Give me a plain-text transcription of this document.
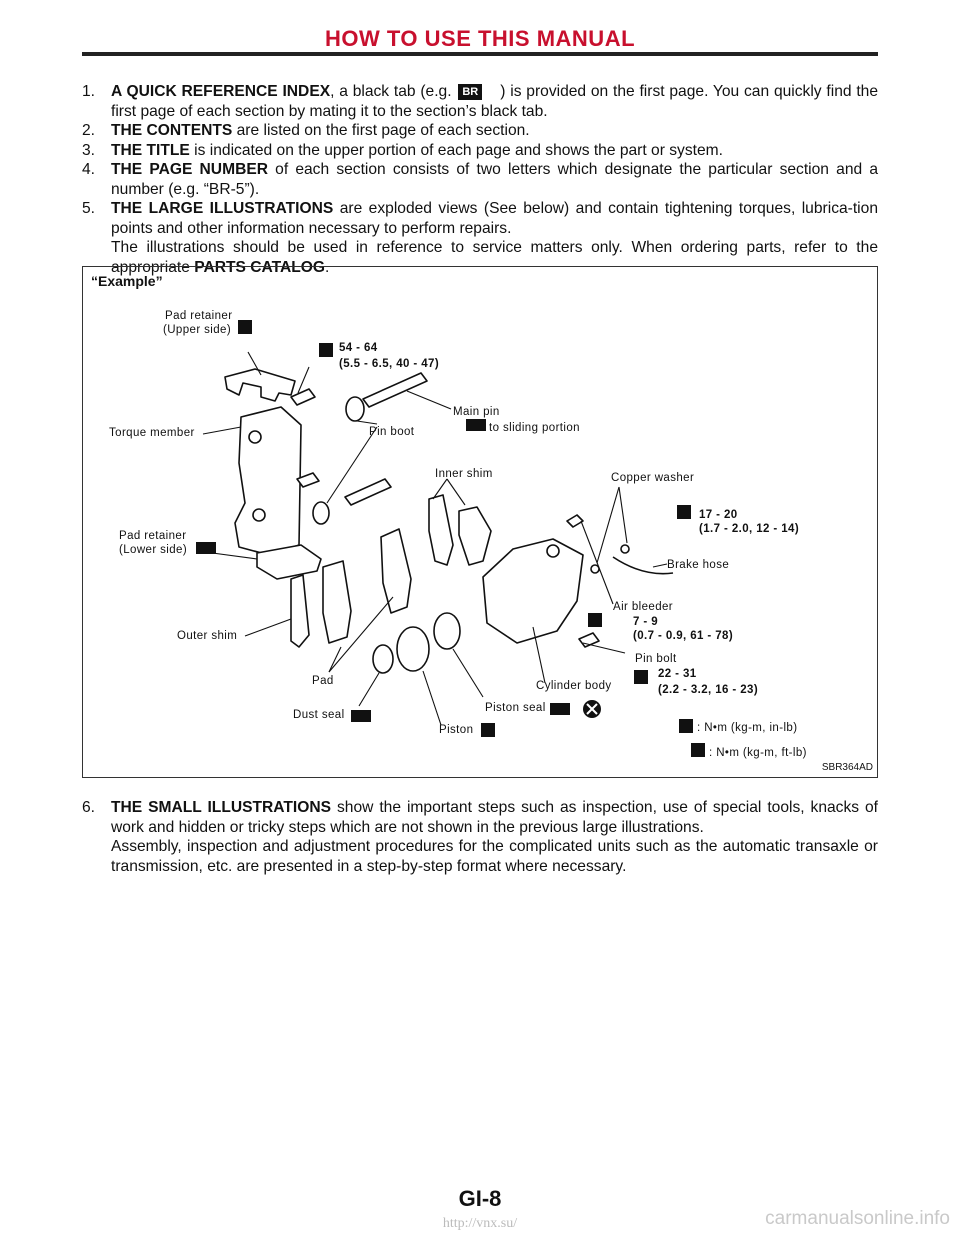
HOW TO USE THIS MANUAL
1. A QUICK REFERENCE INDEX, a black tab (e.g. BR ) is provided on the first page. You can quickly find the first page of each section by mating it to the section’s black tab.
2. THE CONTENTS are listed on the first page of each section.
3. THE TITLE is indicated on the upper portion of each page and shows the part or system.
4. THE PAGE NUMBER of each section consists of two letters which designate the particular section and a number (e.g. “BR-5”).
5. THE LARGE ILLUSTRATIONS are exploded views (See below) and contain tightening torques, lubrica-tion points and other information necessary to perform repairs.
The illustrations should be used in reference to service matters only. When ordering parts, refer to the appropriate PARTS CATALOG.
“Example”
Pad retainer
(Upper side)
54 - 64
(5.5 - 6.5, 40 - 47)
Main pin
to sliding portion
Torque member	Pin boot
Inner shim	Copper washer
17 - 20
(1.7 - 2.0, 12 - 14)
Pad retainer
(Lower side)
Brake hose
Air bleeder
7 - 9
(0.7 - 0.9, 61 - 78)
Outer shim
Pin bolt
22 - 31
(2.2 - 3.2, 16 - 23)
Pad	Cylinder body
Dust seal
Piston seal
Piston	: N•m (kg-m, in-lb)
: N•m (kg-m, ft-lb)
SBR364AD
6. THE SMALL ILLUSTRATIONS show the important steps such as inspection, use of special tools, knacks of work and hidden or tricky steps which are not shown in the previous large illustrations.
Assembly, inspection and adjustment procedures for the complicated units such as the automatic transaxle or transmission, etc. are presented in a step-by-step format where necessary.
GI-8
http://vnx.su/	carmanualsonline.info
